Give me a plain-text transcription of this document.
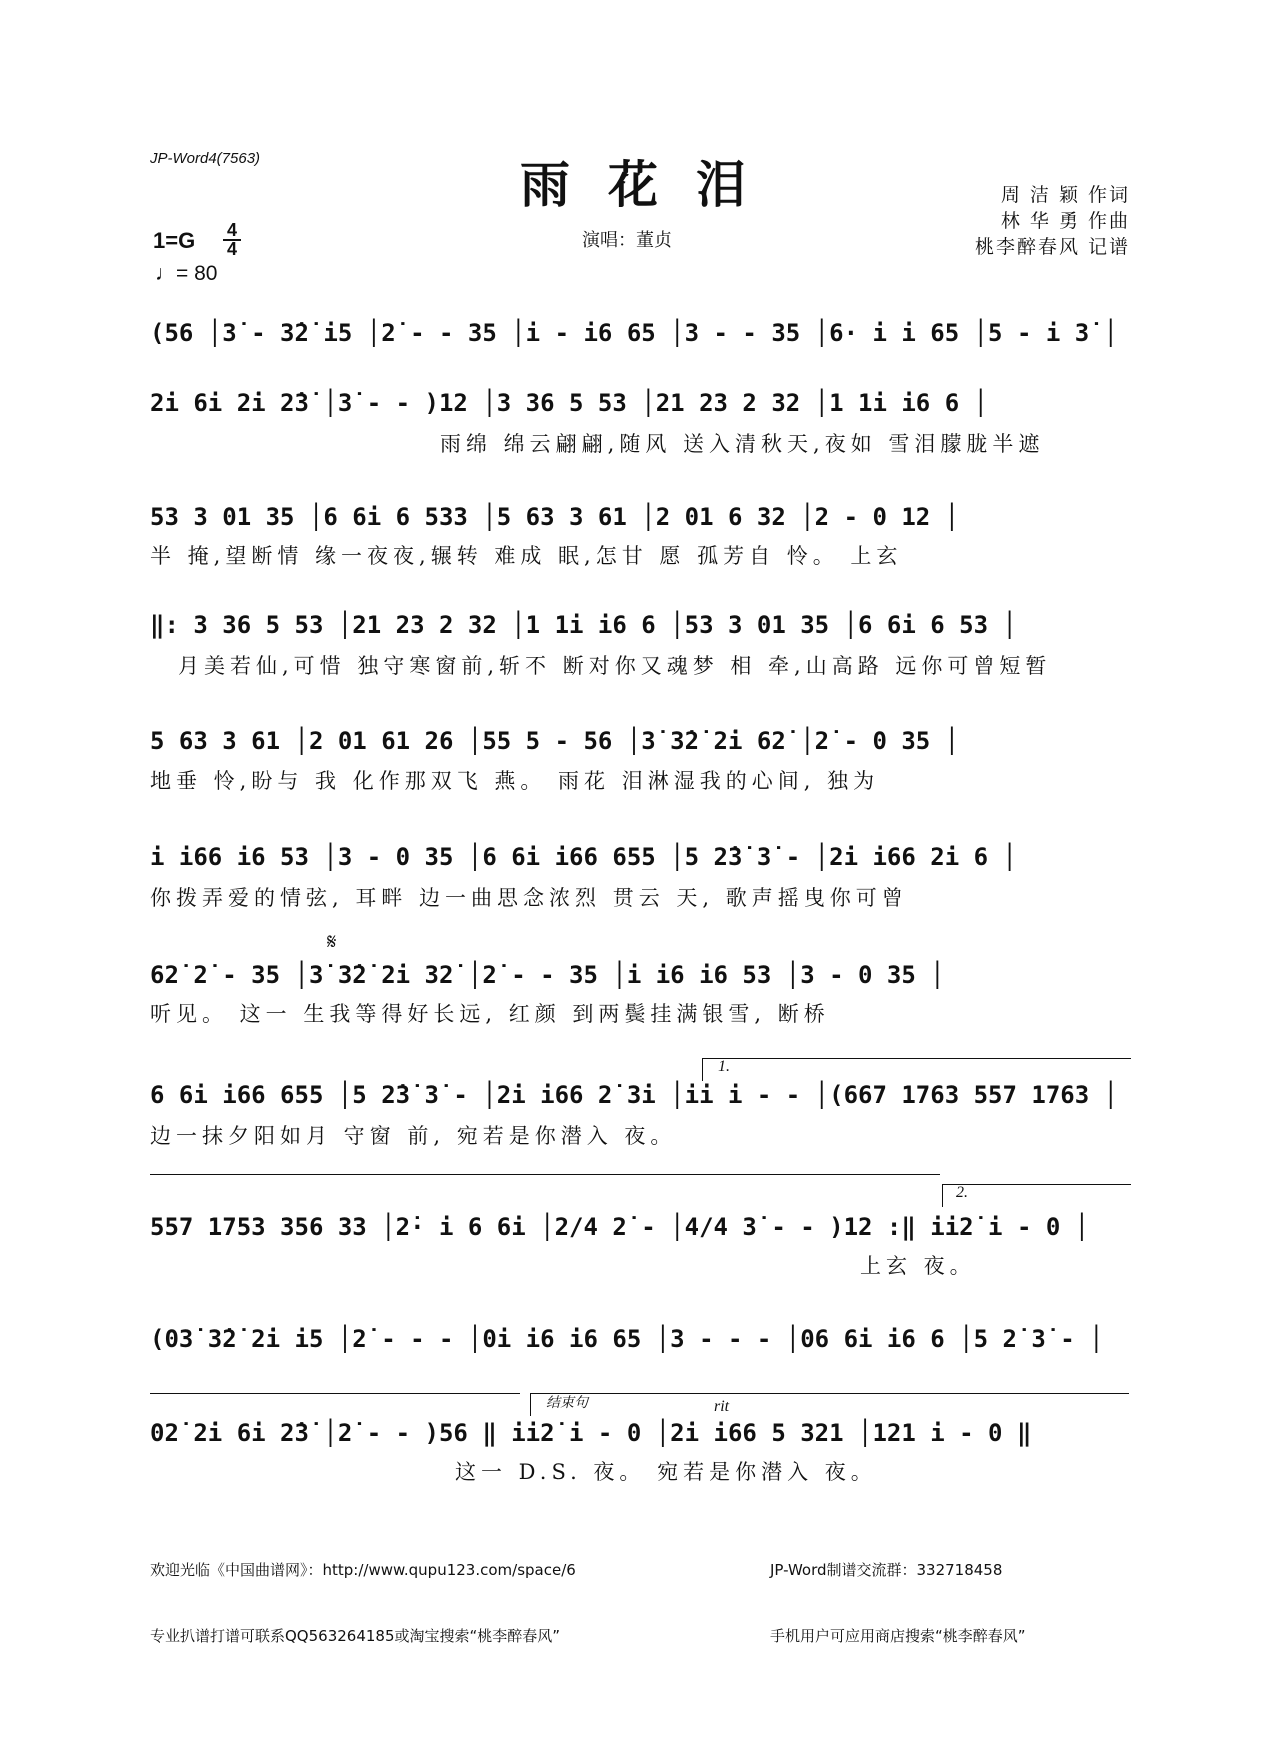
JP-Word4(7563)	雨花泪	周 洁 颖 作词
林 华 勇 作曲
桃李醉春风 记谱
1=G 4
4
♩= 80
演唱：董贞
(56 │3̇ - 3̇2̇ i5 │2̇ - - 35 │i - i6 65 │3 - - 35 │6· i i 65 │5 - i 3̇ │
2̇i 6i 2̇i 2̇3̇ │3̇ - - )12 │3 36 5 53 │21 23 2 32 │1 1i i6 6 │
雨绵 绵云翩翩,随风 送入清秋天,夜如 雪泪朦胧半遮
53 3 01 35 │6 6i 6 533 │5 63 3 61 │2 01 6 32 │2 - 0 12 │
半 掩,望断情 缘一夜夜,辗转 难成 眠,怎甘 愿 孤芳自 怜。 上玄
‖: 3 36 5 53 │21 23 2 32 │1 1i i6 6 │53 3 01 35 │6 6i 6 53 │
月美若仙,可惜 独守寒窗前,斩不 断对你又魂梦 相 牵,山高路 远你可曾短暂
5 63 3 61 │2 01 61 26 │55 5 - 56 │3̇ 3̇2̇ 2̇i 62̇ │2̇ - 0 35 │
地垂 怜,盼与 我 化作那双飞 燕。 雨花 泪淋湿我的心间, 独为
i i66 i6 53 │3 - 0 35 │6 6i i66 655 │5 2̇3̇ 3̇ - │2̇i i66 2̇i 6 │
你拨弄爱的情弦, 耳畔 边一曲思念浓烈 贯云 天, 歌声摇曳你可曾
𝄋
62̇ 2̇ - 35 │3̇ 3̇2̇ 2̇i 32̇ │2̇ - - 35 │i i6 i6 53 │3 - 0 35 │
听见。 这一 生我等得好长远, 红颜 到两鬓挂满银雪, 断桥
1.
6 6i i66 655 │5 2̇3̇ 3̇ - │2̇i i66 2̇ 3̇i │ii i - - │(667 1763 557 1763 │
边一抹夕阳如月 守窗 前, 宛若是你潜入 夜。
2.
557 1753 356 33 │2̇· i 6 6i │2/4 2̇ - │4/4 3̇ - - )12 :‖ ii2̇ i - 0 │
上玄 夜。
(03̇ 3̇2̇ 2̇i i5 │2̇ - - - │0i i6 i6 65 │3 - - - │06 6i i6 6 │5 2̇ 3̇ - │
结束句	rit
02̇ 2̇i 6i 2̇3̇ │2̇ - - )56 ‖ ii2̇ i - 0 │2̇i i66 5 321 │121 i - 0 ‖
这一 D.S. 夜。 宛若是你潜入 夜。

欢迎光临《中国曲谱网》：http://www.qupu123.com/space/6

专业扒谱打谱可联系QQ563264185或淘宝搜索“桃李醉春风”

JP-Word制谱交流群：332718458

手机用户可应用商店搜索“桃李醉春风”
